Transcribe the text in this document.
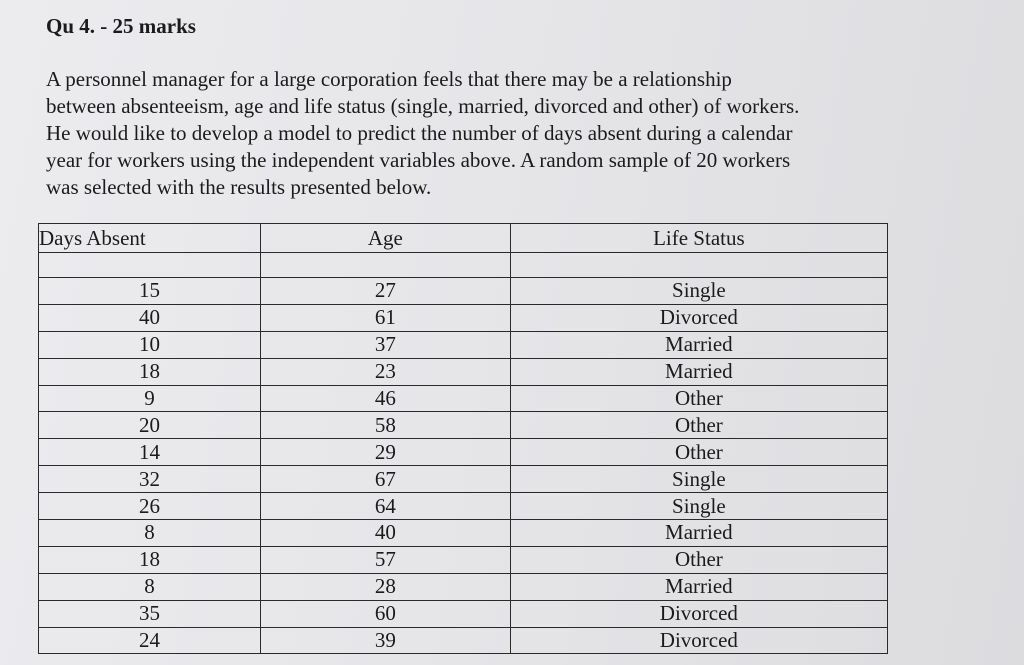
Qu 4. - 25 marks
A personnel manager for a large corporation feels that there may be a relationship
between absenteeism, age and life status (single, married, divorced and other) of workers.
He would like to develop a model to predict the number of days absent during a calendar
year for workers using the independent variables above. A random sample of 20 workers
was selected with the results presented below.
Days Absent	Age	Life Status

15	27	Single
40	61	Divorced
10	37	Married
18	23	Married
9	46	Other
20	58	Other
14	29	Other
32	67	Single
26	64	Single
8	40	Married
18	57	Other
8	28	Married
35	60	Divorced
24	39	Divorced
